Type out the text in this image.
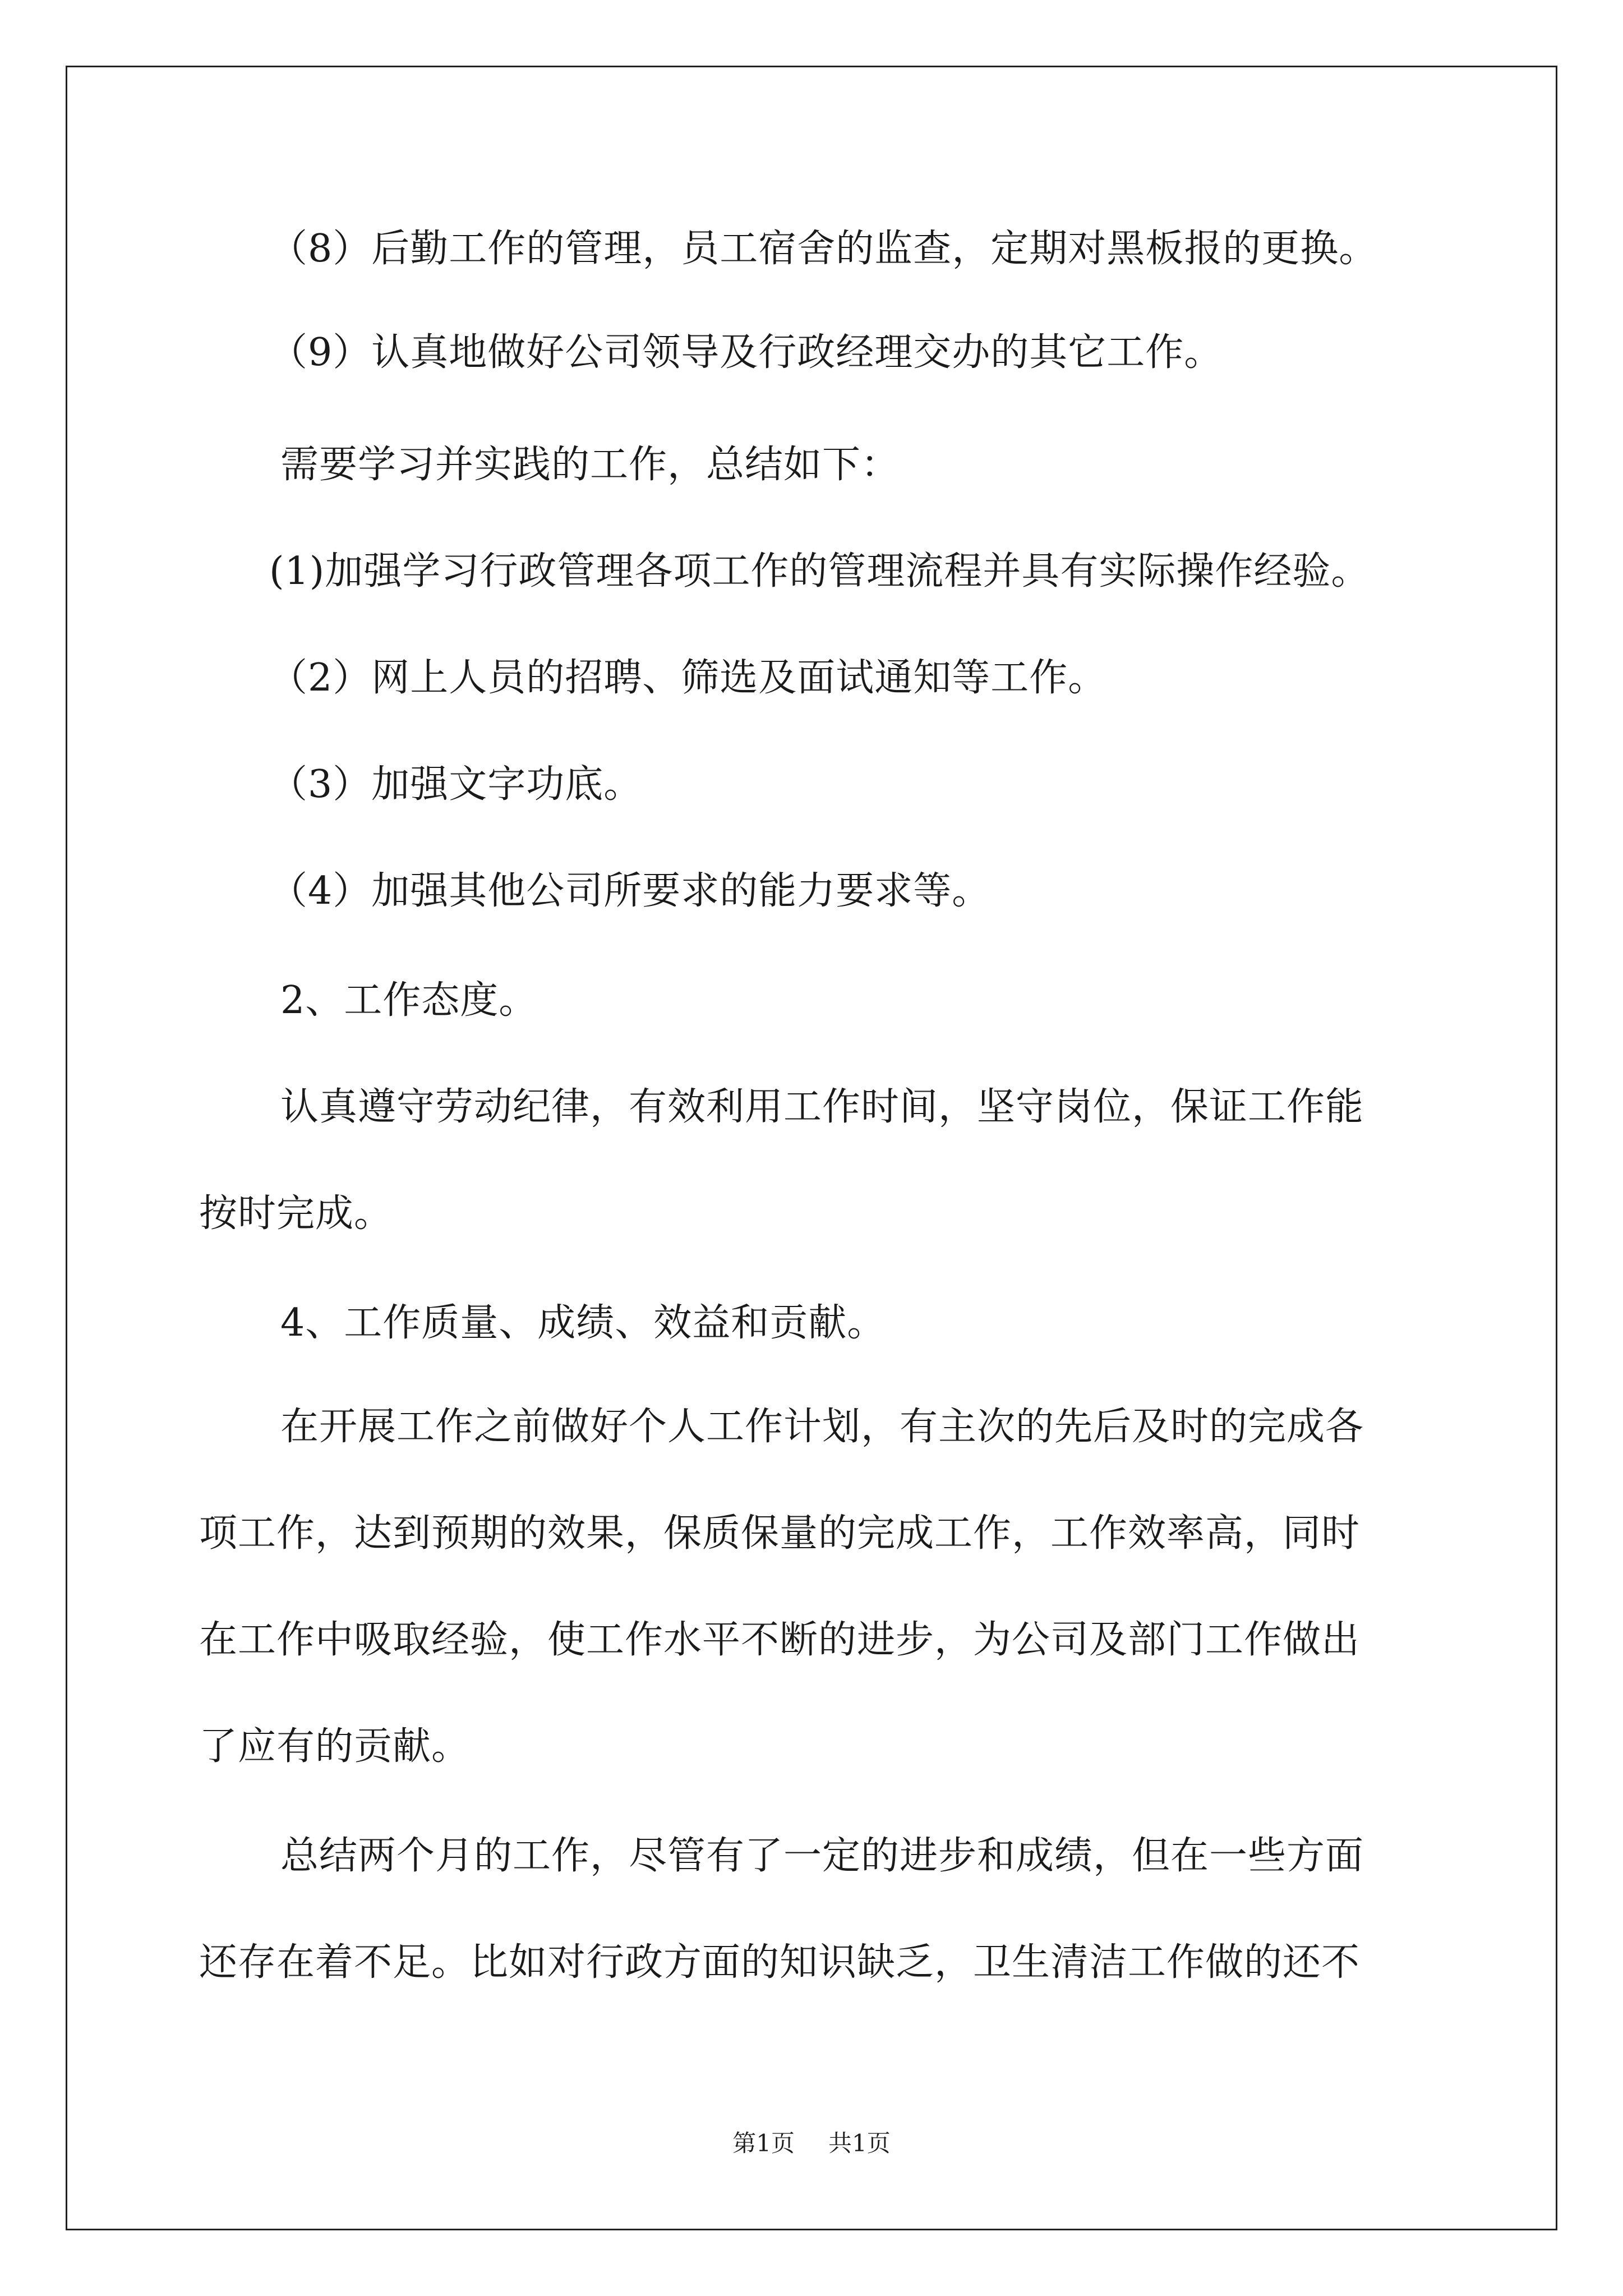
（8）后勤工作的管理，员工宿舍的监查，定期对黑板报的更换。
（9）认真地做好公司领导及行政经理交办的其它工作。
需要学习并实践的工作，总结如下：
(1)加强学习行政管理各项工作的管理流程并具有实际操作经验。
（2）网上人员的招聘、筛选及面试通知等工作。
（3）加强文字功底。
（4）加强其他公司所要求的能力要求等。
2、工作态度。
认真遵守劳动纪律，有效利用工作时间，坚守岗位，保证工作能
按时完成。
4、工作质量、成绩、效益和贡献。
在开展工作之前做好个人工作计划，有主次的先后及时的完成各
项工作，达到预期的效果，保质保量的完成工作，工作效率高，同时
在工作中吸取经验，使工作水平不断的进步，为公司及部门工作做出
了应有的贡献。
总结两个月的工作，尽管有了一定的进步和成绩，但在一些方面
还存在着不足。比如对行政方面的知识缺乏，卫生清洁工作做的还不
第1页 共1页
